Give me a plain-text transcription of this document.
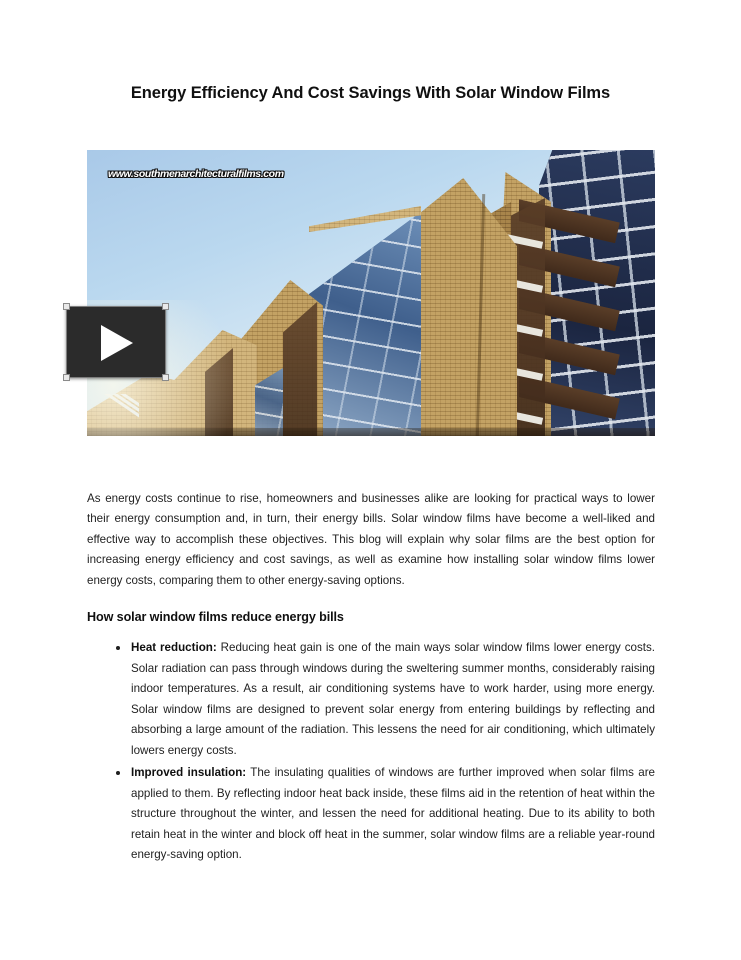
Energy Efficiency And Cost Savings With Solar Window Films
www.southmenarchitecturalfilms.com

As energy costs continue to rise, homeowners and businesses alike are looking for practical ways to lower their energy consumption and, in turn, their energy bills. Solar window films have become a well-liked and effective way to accomplish these objectives. This blog will explain why solar films are the best option for increasing energy efficiency and cost savings, as well as examine how installing solar window films lower energy costs, comparing them to other energy-saving options.

How solar window films reduce energy bills
Heat reduction: Reducing heat gain is one of the main ways solar window films lower energy costs. Solar radiation can pass through windows during the sweltering summer months, considerably raising indoor temperatures. As a result, air conditioning systems have to work harder, using more energy. Solar window films are designed to prevent solar energy from entering buildings by reflecting and absorbing a large amount of the radiation. This lessens the need for air conditioning, which ultimately lowers energy costs.
Improved insulation: The insulating qualities of windows are further improved when solar films are applied to them. By reflecting indoor heat back inside, these films aid in the retention of heat within the structure throughout the winter, and lessen the need for additional heating. Due to its ability to both retain heat in the winter and block off heat in the summer, solar window films are a reliable year-round energy-saving option.
